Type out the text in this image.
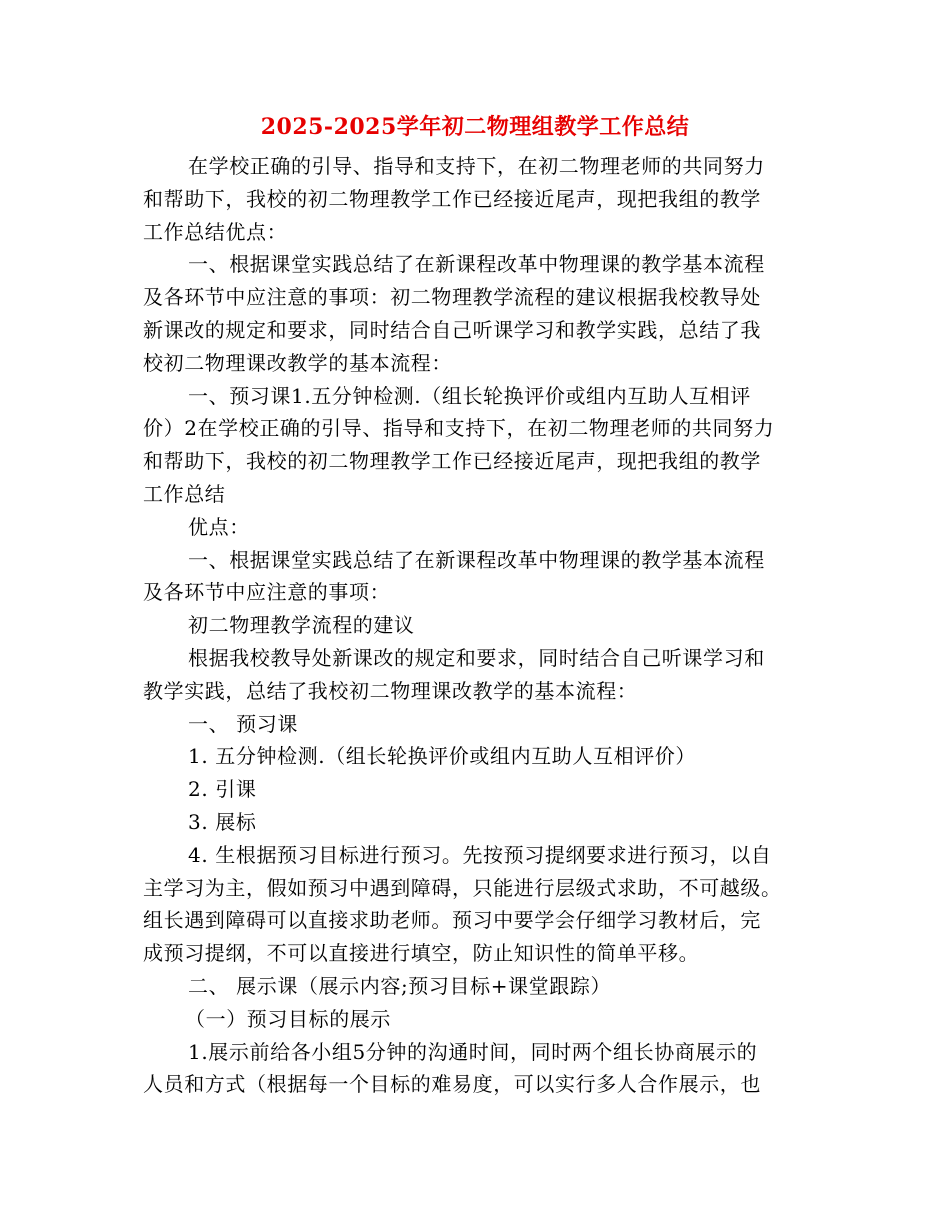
2025-2025学年初二物理组教学工作总结
在学校正确的引导、指导和支持下，在初二物理老师的共同努力
和帮助下，我校的初二物理教学工作已经接近尾声，现把我组的教学
工作总结优点：
一、根据课堂实践总结了在新课程改革中物理课的教学基本流程
及各环节中应注意的事项：初二物理教学流程的建议根据我校教导处
新课改的规定和要求，同时结合自己听课学习和教学实践，总结了我
校初二物理课改教学的基本流程：
一、预习课1.五分钟检测.（组长轮换评价或组内互助人互相评
价）2在学校正确的引导、指导和支持下，在初二物理老师的共同努力
和帮助下，我校的初二物理教学工作已经接近尾声，现把我组的教学
工作总结
优点：
一、根据课堂实践总结了在新课程改革中物理课的教学基本流程
及各环节中应注意的事项：
初二物理教学流程的建议
根据我校教导处新课改的规定和要求，同时结合自己听课学习和
教学实践，总结了我校初二物理课改教学的基本流程：
一、 预习课
1. 五分钟检测.（组长轮换评价或组内互助人互相评价）
2. 引课
3. 展标
4. 生根据预习目标进行预习。先按预习提纲要求进行预习，以自
主学习为主，假如预习中遇到障碍，只能进行层级式求助，不可越级。
组长遇到障碍可以直接求助老师。预习中要学会仔细学习教材后，完
成预习提纲，不可以直接进行填空，防止知识性的简单平移。
二、 展示课（展示内容;预习目标+课堂跟踪）
（一）预习目标的展示
1.展示前给各小组5分钟的沟通时间，同时两个组长协商展示的
人员和方式（根据每一个目标的难易度，可以实行多人合作展示，也
